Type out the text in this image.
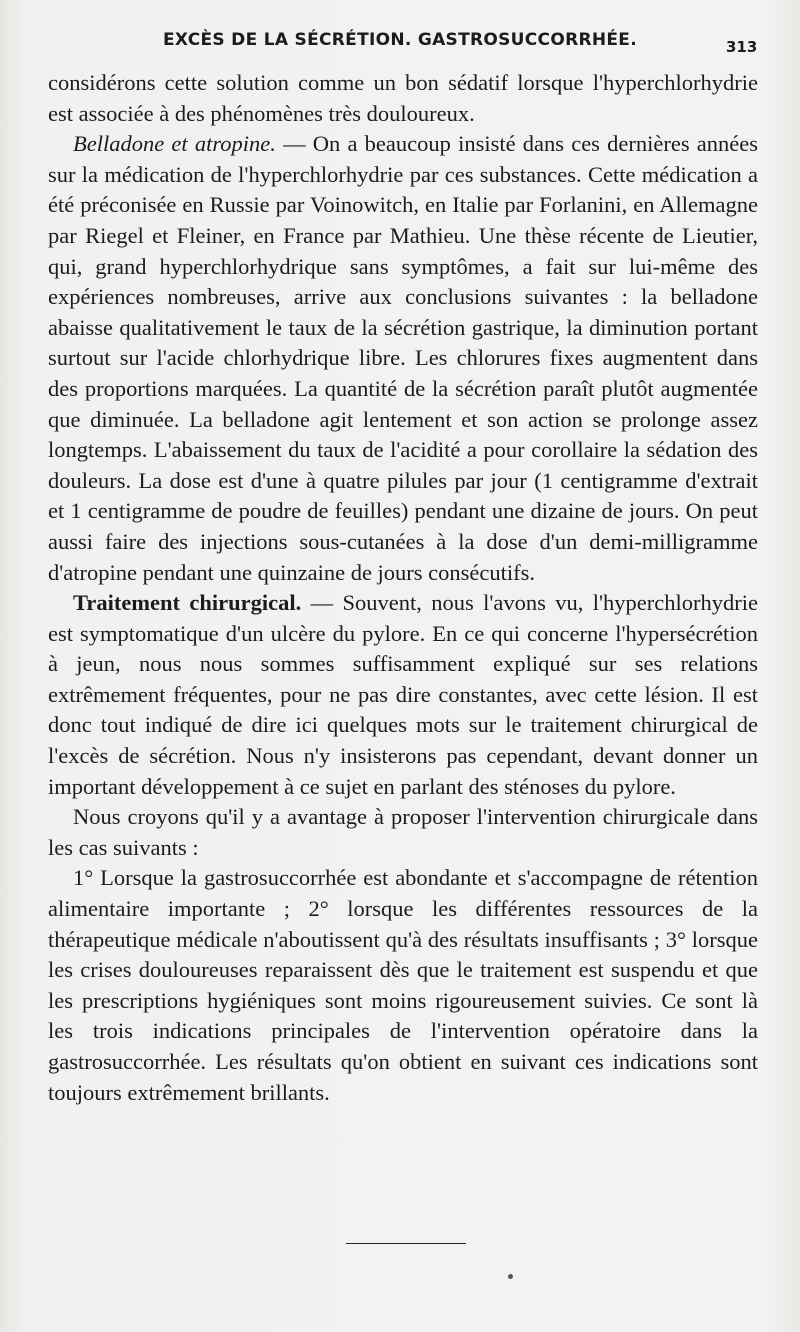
EXCÈS DE LA SÉCRÉTION. GASTROSUCCORRHÉE.	313

considérons cette solution comme un bon sédatif lorsque l'hyperchlorhydrie est associée à des phénomènes très douloureux.

Belladone et atropine. — On a beaucoup insisté dans ces dernières années sur la médication de l'hyperchlorhydrie par ces substances. Cette médication a été préconisée en Russie par Voinowitch, en Italie par Forlanini, en Allemagne par Riegel et Fleiner, en France par Mathieu. Une thèse récente de Lieutier, qui, grand hyperchlorhydrique sans symptômes, a fait sur lui-même des expériences nombreuses, arrive aux conclusions suivantes : la belladone abaisse qualitativement le taux de la sécrétion gastrique, la diminution portant surtout sur l'acide chlorhydrique libre. Les chlorures fixes augmentent dans des proportions marquées. La quantité de la sécrétion paraît plutôt augmentée que diminuée. La belladone agit lentement et son action se prolonge assez longtemps. L'abaissement du taux de l'acidité a pour corollaire la sédation des douleurs. La dose est d'une à quatre pilules par jour (1 centigramme d'extrait et 1 centigramme de poudre de feuilles) pendant une dizaine de jours. On peut aussi faire des injections sous-cutanées à la dose d'un demi-milligramme d'atropine pendant une quinzaine de jours consécutifs.

Traitement chirurgical. — Souvent, nous l'avons vu, l'hyperchlorhydrie est symptomatique d'un ulcère du pylore. En ce qui concerne l'hypersécrétion à jeun, nous nous sommes suffisamment expliqué sur ses relations extrêmement fréquentes, pour ne pas dire constantes, avec cette lésion. Il est donc tout indiqué de dire ici quelques mots sur le traitement chirurgical de l'excès de sécrétion. Nous n'y insisterons pas cependant, devant donner un important développement à ce sujet en parlant des sténoses du pylore.

Nous croyons qu'il y a avantage à proposer l'intervention chirurgicale dans les cas suivants :

1° Lorsque la gastrosuccorrhée est abondante et s'accompagne de rétention alimentaire importante ; 2° lorsque les différentes ressources de la thérapeutique médicale n'aboutissent qu'à des résultats insuffisants ; 3° lorsque les crises douloureuses reparaissent dès que le traitement est suspendu et que les prescriptions hygiéniques sont moins rigoureusement suivies. Ce sont là les trois indications principales de l'intervention opératoire dans la gastrosuccorrhée. Les résultats qu'on obtient en suivant ces indications sont toujours extrêmement brillants.
